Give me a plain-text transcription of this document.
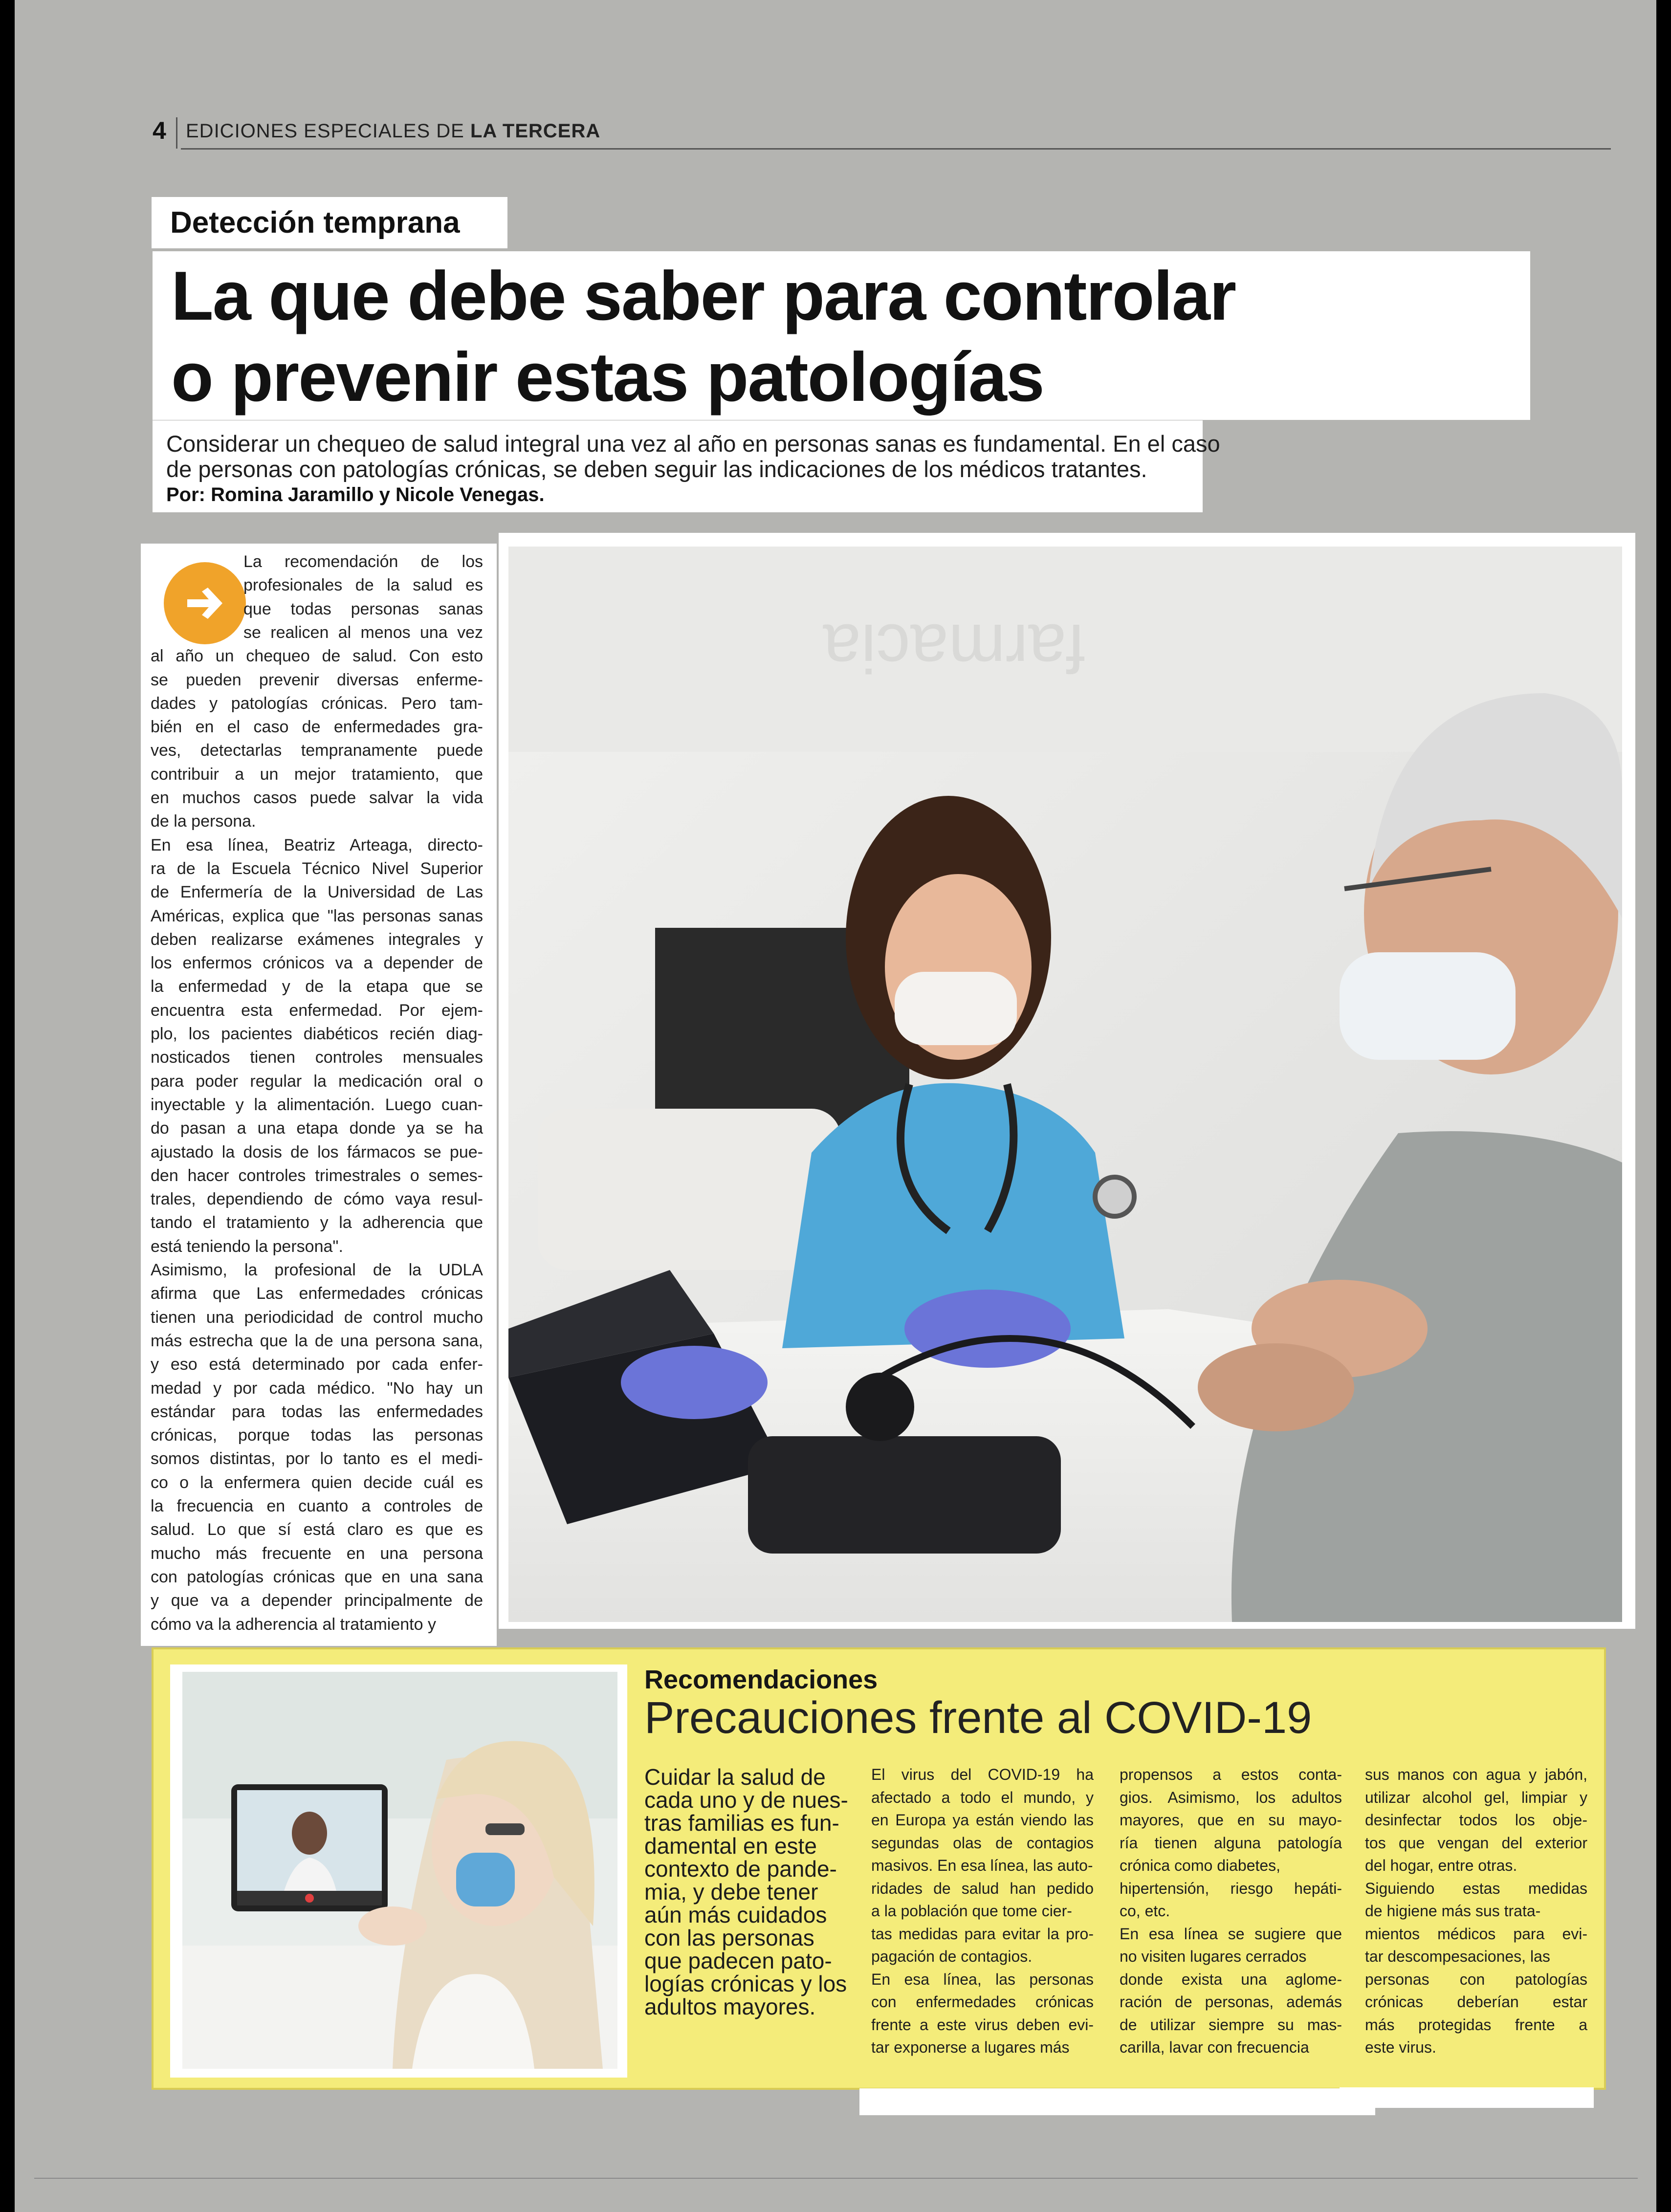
4 EDICIONES ESPECIALES DE LA TERCERA
Detección temprana
La que debe saber para controlar
o prevenir estas patologías
Considerar un chequeo de salud integral una vez al año en personas sanas es fundamental. En el caso
de personas con patologías crónicas, se deben seguir las indicaciones de los médicos tratantes.
Por: Romina Jaramillo y Nicole Venegas.
La recomendación de los
profesionales de la salud es
que todas personas sanas
se realicen al menos una vez
al año un chequeo de salud. Con esto
se pueden prevenir diversas enferme-
dades y patologías crónicas. Pero tam-
bién en el caso de enfermedades gra-
ves, detectarlas tempranamente puede
contribuir a un mejor tratamiento, que
en muchos casos puede salvar la vida
de la persona.
En esa línea, Beatriz Arteaga, directo-
ra de la Escuela Técnico Nivel Superior
de Enfermería de la Universidad de Las
Américas, explica que "las personas sanas
deben realizarse exámenes integrales y
los enfermos crónicos va a depender de
la enfermedad y de la etapa que se
encuentra esta enfermedad. Por ejem-
plo, los pacientes diabéticos recién diag-
nosticados tienen controles mensuales
para poder regular la medicación oral o
inyectable y la alimentación. Luego cuan-
do pasan a una etapa donde ya se ha
ajustado la dosis de los fármacos se pue-
den hacer controles trimestrales o semes-
trales, dependiendo de cómo vaya resul-
tando el tratamiento y la adherencia que
está teniendo la persona".
Asimismo, la profesional de la UDLA
afirma que Las enfermedades crónicas
tienen una periodicidad de control mucho
más estrecha que la de una persona sana,
y eso está determinado por cada enfer-
medad y por cada médico. "No hay un
estándar para todas las enfermedades
crónicas, porque todas las personas
somos distintas, por lo tanto es el medi-
co o la enfermera quien decide cuál es
la frecuencia en cuanto a controles de
salud. Lo que sí está claro es que es
mucho más frecuente en una persona
con patologías crónicas que en una sana
y que va a depender principalmente de
cómo va la adherencia al tratamiento y
farmacia
Recomendaciones
Precauciones frente al COVID-19
Cuidar la salud de
cada uno y de nues-
tras familias es fun-
damental en este
contexto de pande-
mia, y debe tener
aún más cuidados
con las personas
que padecen pato-
logías crónicas y los
adultos mayores.
El virus del COVID-19 ha
afectado a todo el mundo, y
en Europa ya están viendo las
segundas olas de contagios
masivos. En esa línea, las auto-
ridades de salud han pedido
a la población que tome cier-
tas medidas para evitar la pro-
pagación de contagios.
En esa línea, las personas
con enfermedades crónicas
frente a este virus deben evi-
tar exponerse a lugares más
propensos a estos conta-
gios. Asimismo, los adultos
mayores, que en su mayo-
ría tienen alguna patología
crónica como diabetes,
hipertensión, riesgo hepáti-
co, etc.
En esa línea se sugiere que
no visiten lugares cerrados
donde exista una aglome-
ración de personas, además
de utilizar siempre su mas-
carilla, lavar con frecuencia
sus manos con agua y jabón,
utilizar alcohol gel, limpiar y
desinfectar todos los obje-
tos que vengan del exterior
del hogar, entre otras.
Siguiendo estas medidas
de higiene más sus trata-
mientos médicos para evi-
tar descompesaciones, las
personas con patologías
crónicas deberían estar
más protegidas frente a
este virus.
